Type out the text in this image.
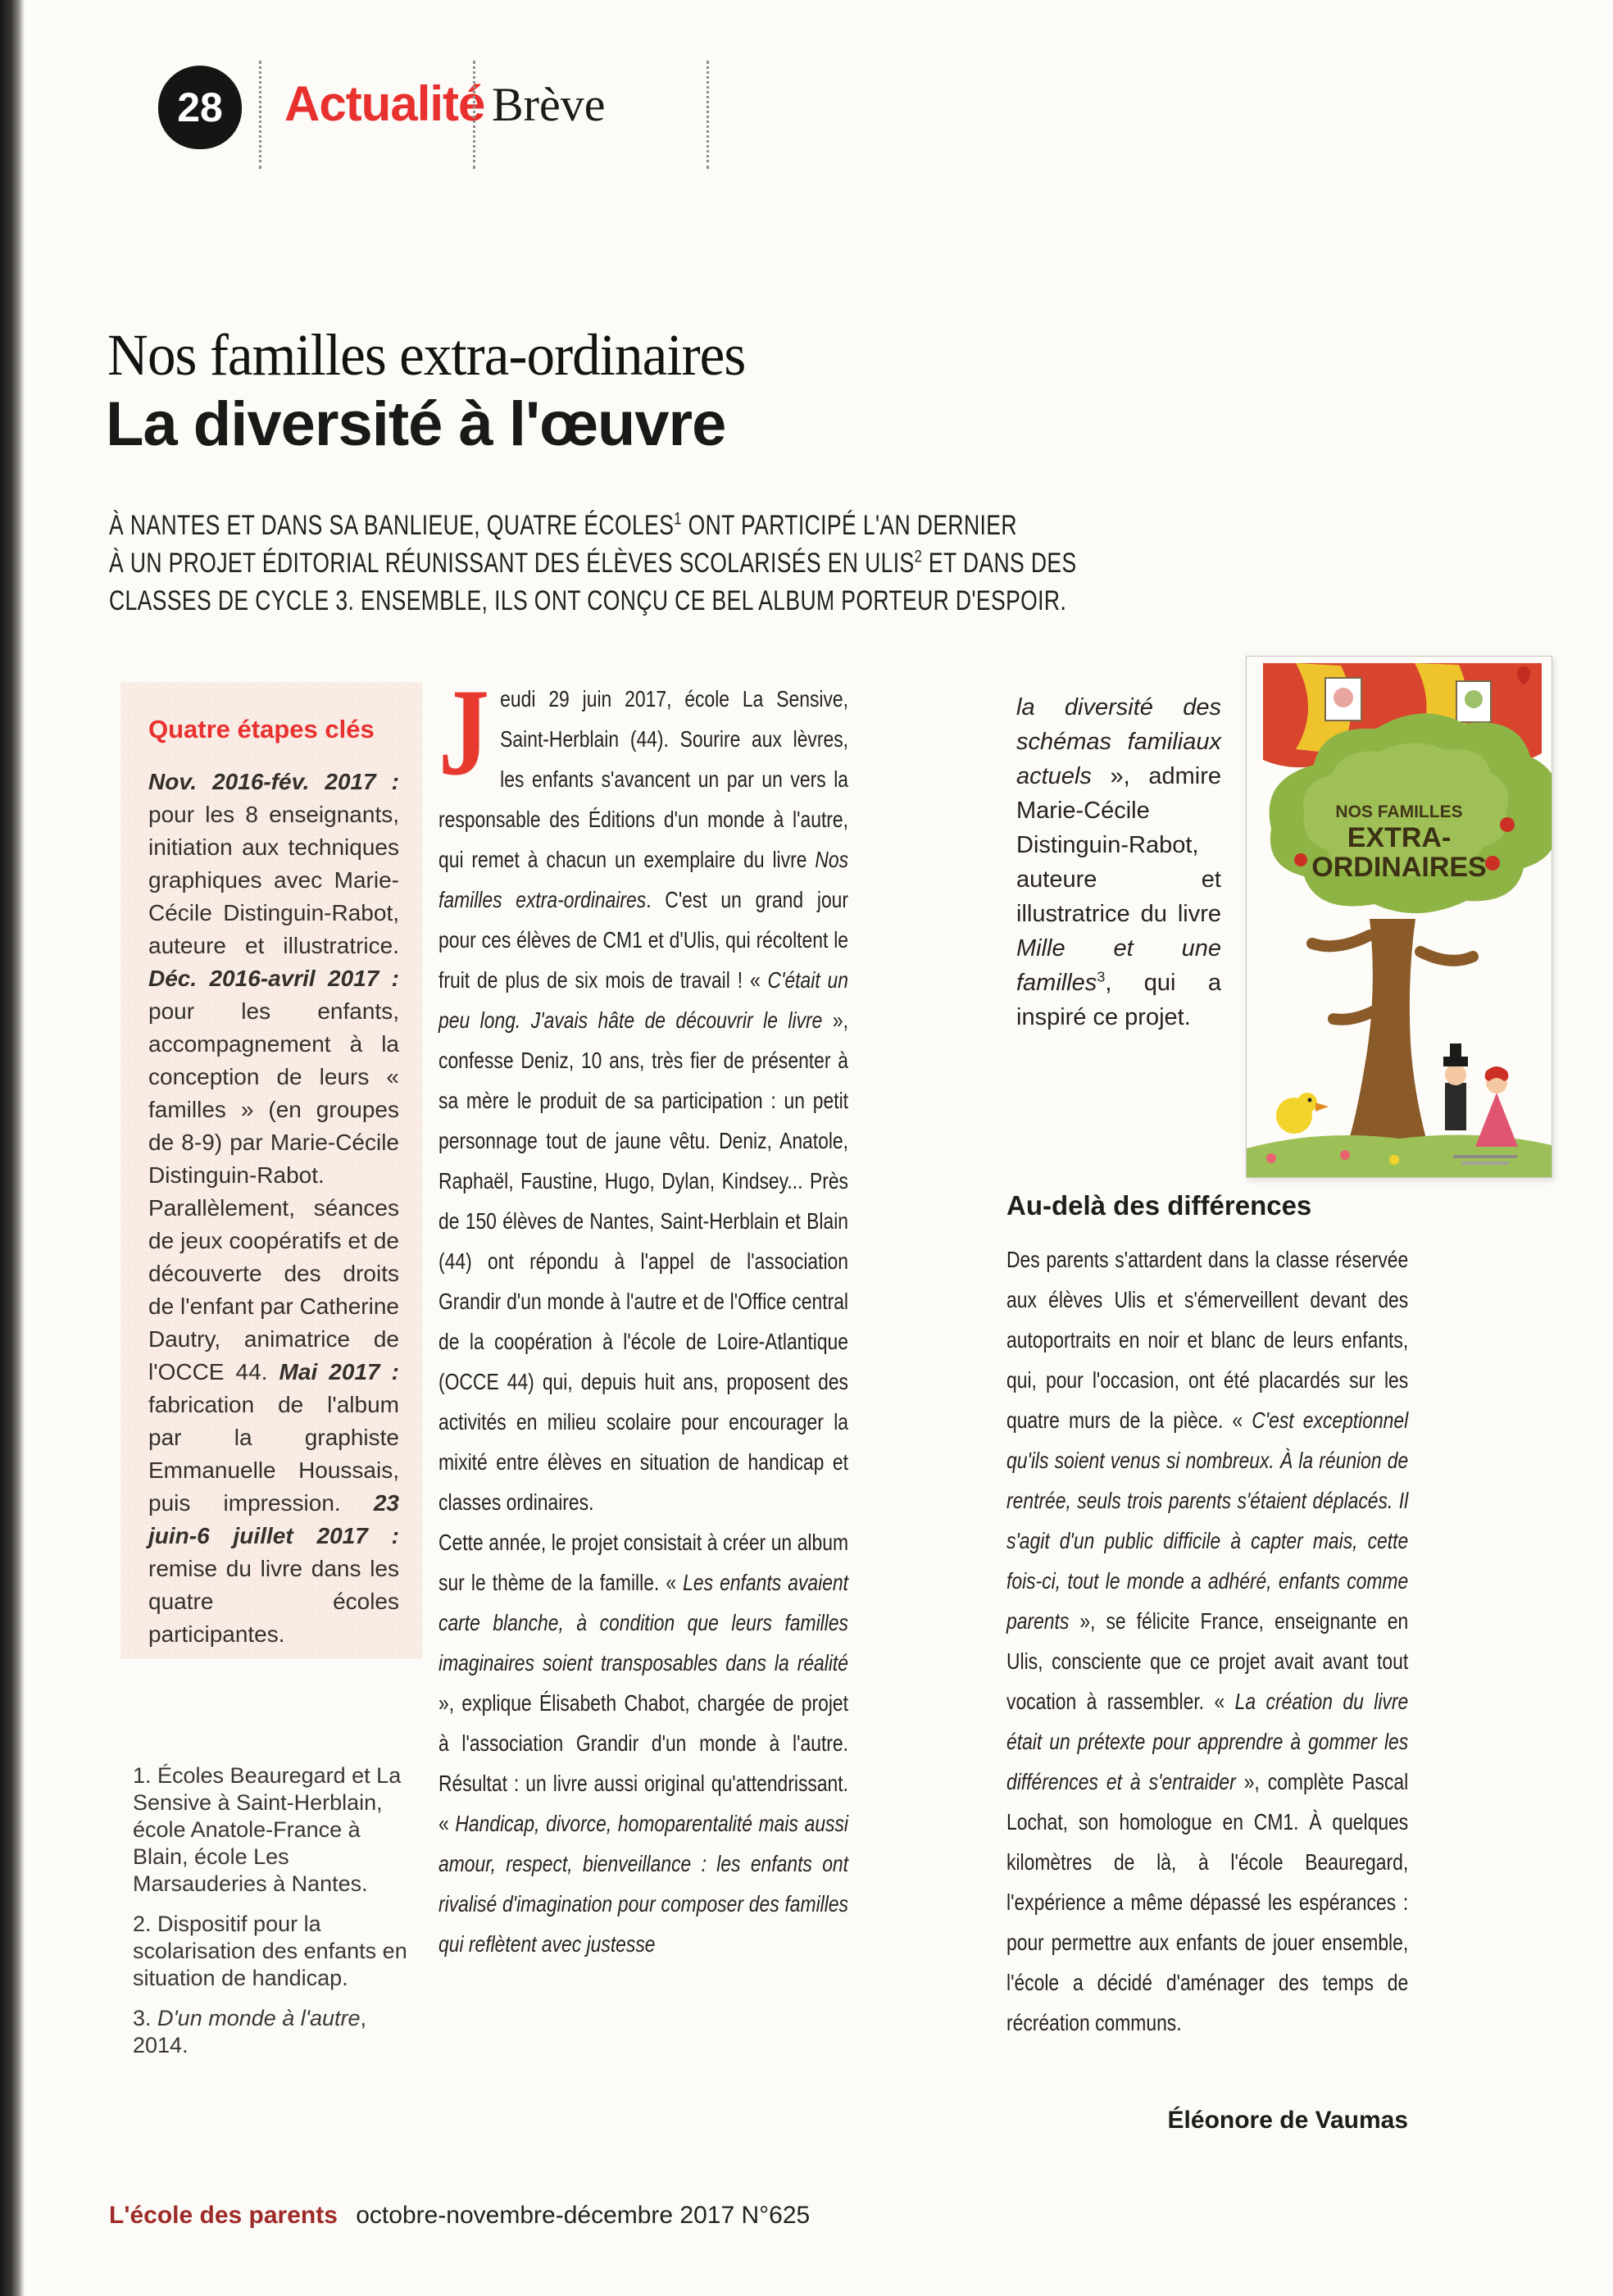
28 Actualité Brève
Nos familles extra-ordinaires
La diversité à l'œuvre
À NANTES ET DANS SA BANLIEUE, QUATRE ÉCOLES$^1$ ONT PARTICIPÉ L'AN DERNIER
À UN PROJET ÉDITORIAL RÉUNISSANT DES ÉLÈVES SCOLARISÉS EN ULIS$^2$ ET DANS DES
CLASSES DE CYCLE 3. ENSEMBLE, ILS ONT CONÇU CE BEL ALBUM PORTEUR D'ESPOIR.
Quatre étapes clés
Nov. 2016-fév. 2017 : pour les 8 enseignants, initiation aux techniques graphiques avec Marie-Cécile Distinguin-Rabot, auteure et illustratrice. Déc. 2016-avril 2017 : pour les enfants, accompagnement à la conception de leurs « familles » (en groupes de 8-9) par Marie-Cécile Distinguin-Rabot. Parallèlement, séances de jeux coopératifs et de découverte des droits de l'enfant par Catherine Dautry, animatrice de l'OCCE 44. Mai 2017 : fabrication de l'album par la graphiste Emmanuelle Houssais, puis impression. 23 juin-6 juillet 2017 : remise du livre dans les quatre écoles participantes.

1. Écoles Beauregard et La Sensive à Saint-Herblain, école Anatole-France à Blain, école Les Marsauderies à Nantes.

2. Dispositif pour la scolarisation des enfants en situation de handicap.

3. D'un monde à l'autre, 2014.

Jeudi 29 juin 2017, école La Sensive, Saint-Herblain (44). Sourire aux lèvres, les enfants s'avancent un par un vers la responsable des Éditions d'un monde à l'autre, qui remet à chacun un exemplaire du livre Nos familles extra-ordinaires. C'est un grand jour pour ces élèves de CM1 et d'Ulis, qui récoltent le fruit de plus de six mois de travail ! « C'était un peu long. J'avais hâte de découvrir le livre », confesse Deniz, 10 ans, très fier de présenter à sa mère le produit de sa participation : un petit personnage tout de jaune vêtu. Deniz, Anatole, Raphaël, Faustine, Hugo, Dylan, Kindsey... Près de 150 élèves de Nantes, Saint-Herblain et Blain (44) ont répondu à l'appel de l'association Grandir d'un monde à l'autre et de l'Office central de la coopération à l'école de Loire-Atlantique (OCCE 44) qui, depuis huit ans, proposent des activités en milieu scolaire pour encourager la mixité entre élèves en situation de handicap et classes ordinaires.

Cette année, le projet consistait à créer un album sur le thème de la famille. « Les enfants avaient carte blanche, à condition que leurs familles imaginaires soient transposables dans la réalité », explique Élisabeth Chabot, chargée de projet à l'association Grandir d'un monde à l'autre. Résultat : un livre aussi original qu'attendrissant. « Handicap, divorce, homoparentalité mais aussi amour, respect, bienveillance : les enfants ont rivalisé d'imagination pour composer des familles qui reflètent avec justesse

la diversité des schémas familiaux actuels », admire Marie-Cécile Distinguin-Rabot, auteure et illustratrice du livre Mille et une familles$^3$, qui a inspiré ce projet.
NOS FAMILLES
EXTRA-
ORDINAIRES
Au-delà des différences

Des parents s'attardent dans la classe réservée aux élèves Ulis et s'émerveillent devant des autoportraits en noir et blanc de leurs enfants, qui, pour l'occasion, ont été placardés sur les quatre murs de la pièce. « C'est exceptionnel qu'ils soient venus si nombreux. À la réunion de rentrée, seuls trois parents s'étaient déplacés. Il s'agit d'un public difficile à capter mais, cette fois-ci, tout le monde a adhéré, enfants comme parents », se félicite France, enseignante en Ulis, consciente que ce projet avait avant tout vocation à rassembler. « La création du livre était un prétexte pour apprendre à gommer les différences et à s'entraider », complète Pascal Lochat, son homologue en CM1. À quelques kilomètres de là, à l'école Beauregard, l'expérience a même dépassé les espérances : pour permettre aux enfants de jouer ensemble, l'école a décidé d'aménager des temps de récréation communs.

Éléonore de Vaumas
L'école des parents octobre-novembre-décembre 2017 N°625
